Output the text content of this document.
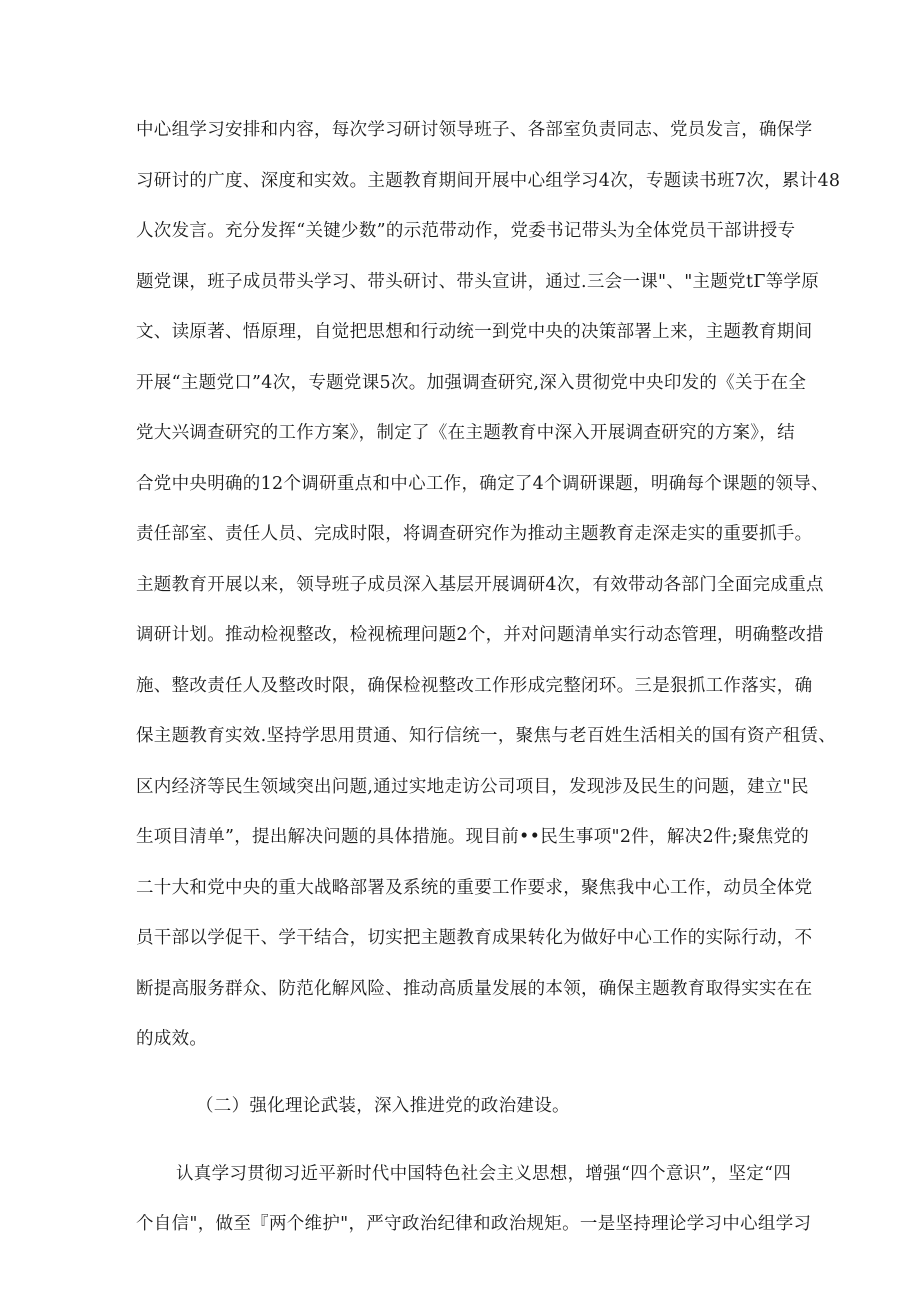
中心组学习安排和内容，每次学习研讨领导班子、各部室负责同志、党员发言，确保学
习研讨的广度、深度和实效。主题教育期间开展中心组学习4次，专题读书班7次，累计48
人次发言。充分发挥“关键少数”的示范带动作，党委书记带头为全体党员干部讲授专
题党课，班子成员带头学习、带头研讨、带头宣讲，通过.三会一课"、"主题党tΓ等学原
文、读原著、悟原理，自觉把思想和行动统一到党中央的决策部署上来，主题教育期间
开展“主题党口”4次，专题党课5次。加强调查研究,深入贯彻党中央印发的《关于在全
党大兴调查研究的工作方案》，制定了《在主题教育中深入开展调查研究的方案》，结
合党中央明确的12个调研重点和中心工作，确定了4个调研课题，明确每个课题的领导、
责任部室、责任人员、完成时限，将调查研究作为推动主题教育走深走实的重要抓手。
主题教育开展以来，领导班子成员深入基层开展调研4次，有效带动各部门全面完成重点
调研计划。推动检视整改，检视梳理问题2个，并对问题清单实行动态管理，明确整改措
施、整改责任人及整改时限，确保检视整改工作形成完整闭环。三是狠抓工作落实，确
保主题教育实效.坚持学思用贯通、知行信统一，聚焦与老百姓生活相关的国有资产租赁、
区内经济等民生领域突出问题,通过实地走访公司项目，发现涉及民生的问题，建立"民
生项目清单”，提出解决问题的具体措施。现目前••民生事项"2件，解决2件;聚焦党的
二十大和党中央的重大战略部署及系统的重要工作要求，聚焦我中心工作，动员全体党
员干部以学促干、学干结合，切实把主题教育成果转化为做好中心工作的实际行动，不
断提高服务群众、防范化解风险、推动高质量发展的本领，确保主题教育取得实实在在
的成效。
（二）强化理论武装，深入推进党的政治建设。
认真学习贯彻习近平新时代中国特色社会主义思想，增强“四个意识”，坚定“四
个自信"，做至『两个维护"，严守政治纪律和政治规矩。一是坚持理论学习中心组学习
